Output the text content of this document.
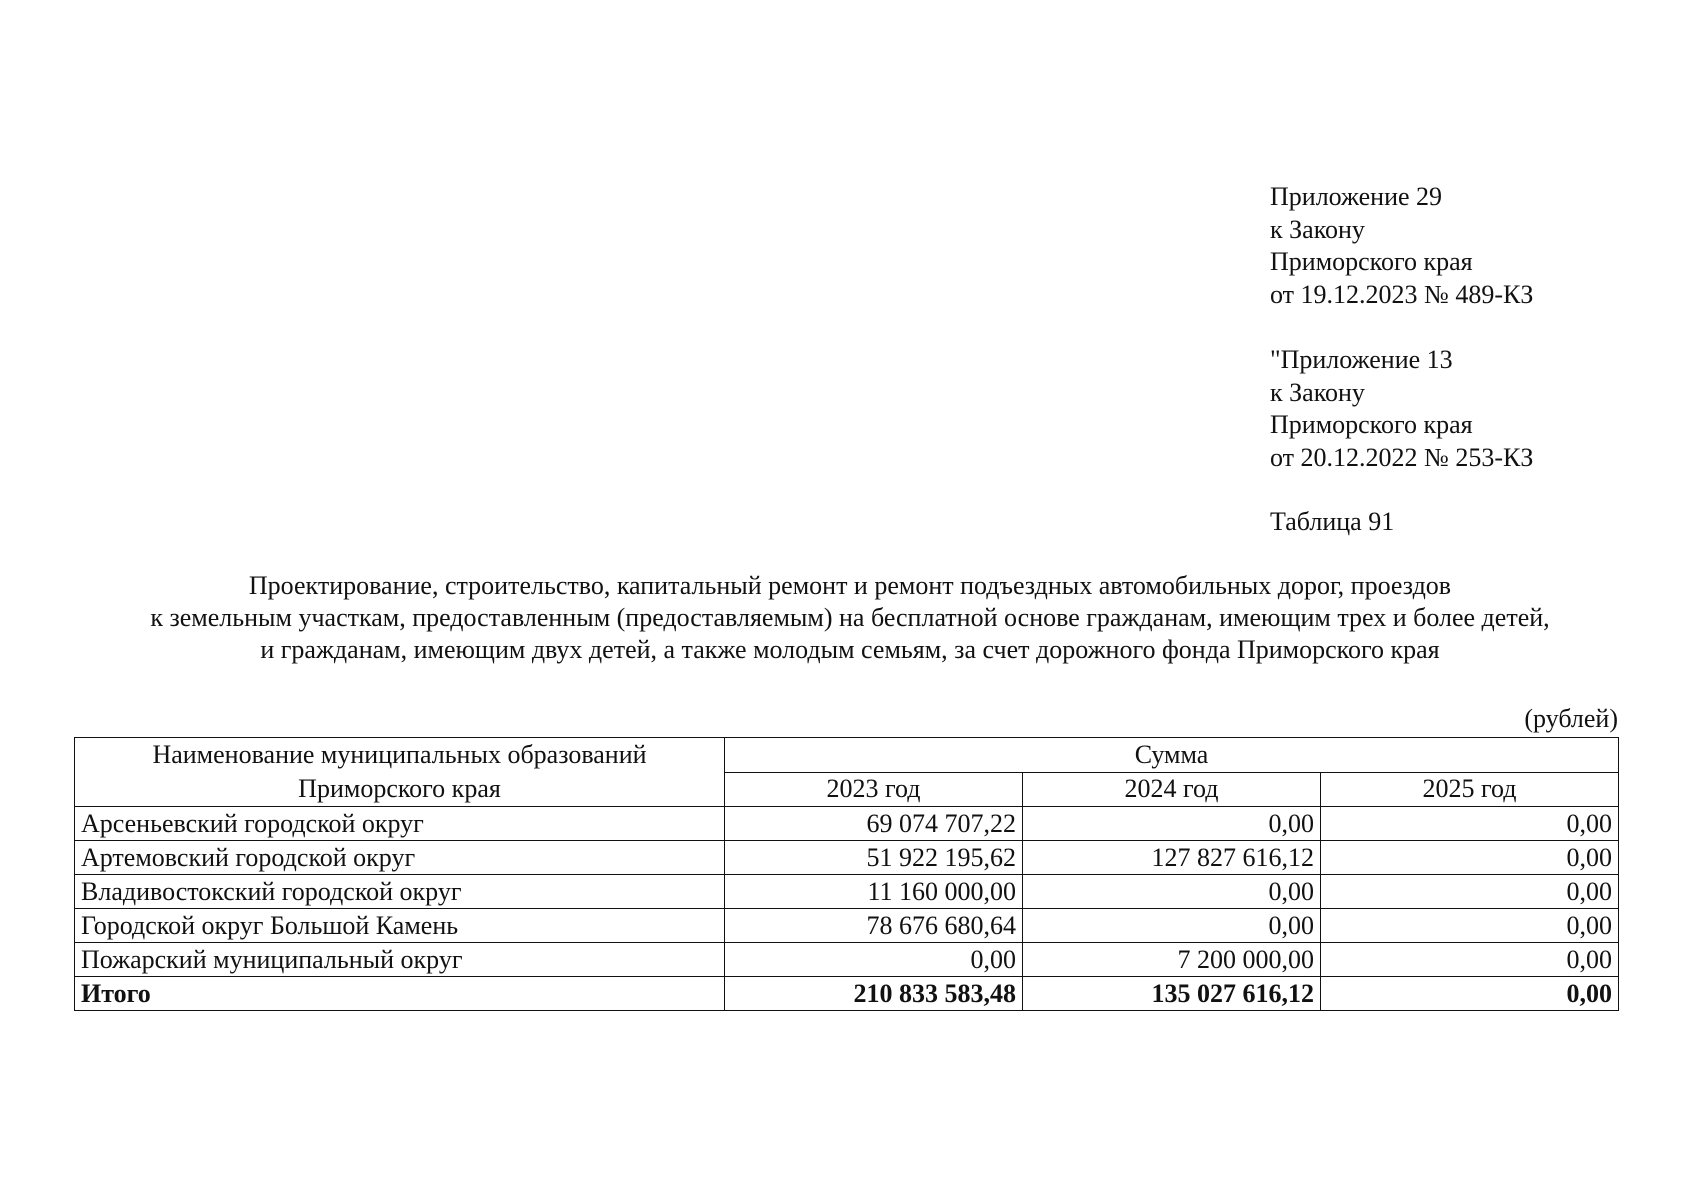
Приложение 29
к Закону
Приморского края
от 19.12.2023 № 489-КЗ
"Приложение 13
к Закону
Приморского края
от 20.12.2022 № 253-КЗ
Таблица 91
Проектирование, строительство, капитальный ремонт и ремонт подъездных автомобильных дорог, проездов
к земельным участкам, предоставленным (предоставляемым) на бесплатной основе гражданам, имеющим трех и более детей,
и гражданам, имеющим двух детей, а также молодым семьям, за счет дорожного фонда Приморского края
(рублей)
Наименование муниципальных образований
Приморского края	Сумма		
	2023 год	2024 год	2025 год
Арсеньевский городской округ	69 074 707,22	0,00	0,00
Артемовский городской округ	51 922 195,62	127 827 616,12	0,00
Владивостокский городской округ	11 160 000,00	0,00	0,00
Городской округ Большой Камень	78 676 680,64	0,00	0,00
Пожарский муниципальный округ	0,00	7 200 000,00	0,00
Итого	210 833 583,48	135 027 616,12	0,00
